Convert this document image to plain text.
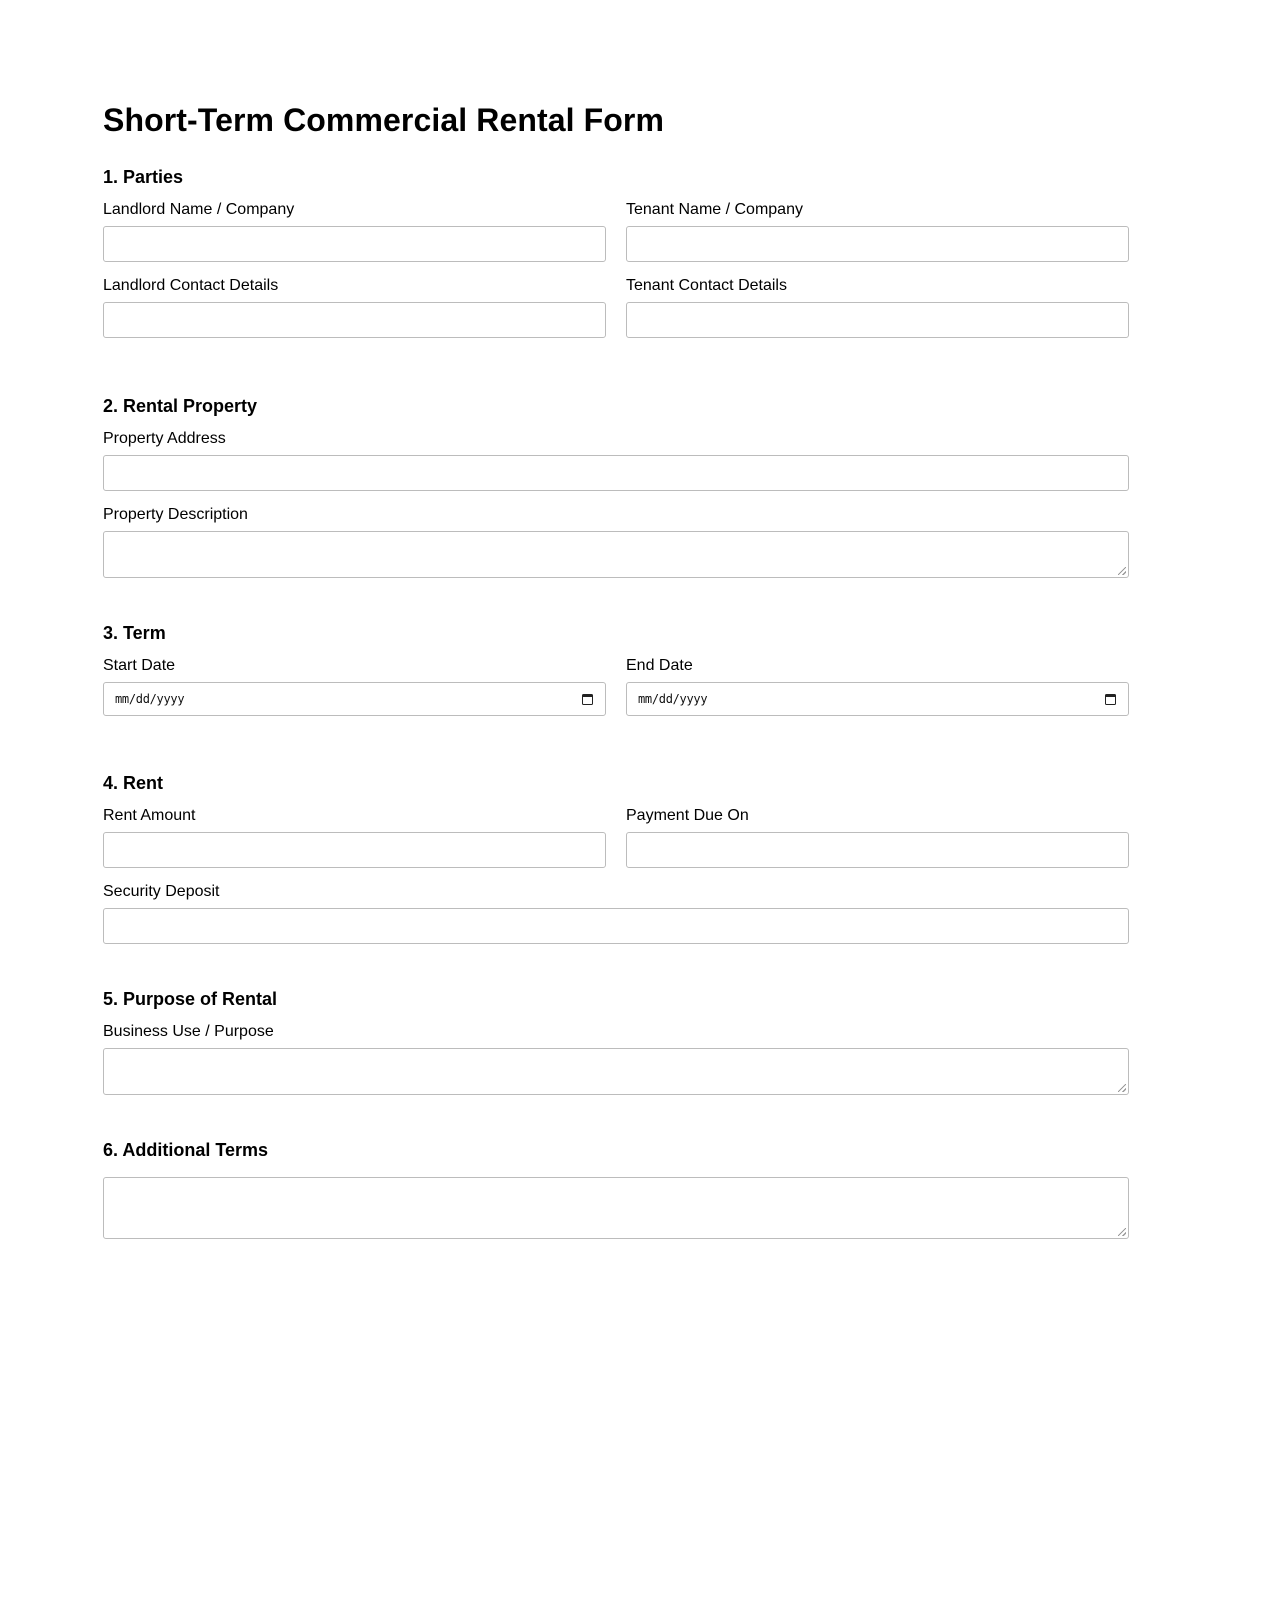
Short-Term Commercial Rental Form
1. Parties
Landlord Name / Company	Tenant Name / Company
Landlord Contact Details	Tenant Contact Details
2. Rental Property
Property Address
Property Description
3. Term
Start Date
mm/dd/yyyy
End Date
mm/dd/yyyy
4. Rent
Rent Amount	Payment Due On
Security Deposit
5. Purpose of Rental
Business Use / Purpose
6. Additional Terms
